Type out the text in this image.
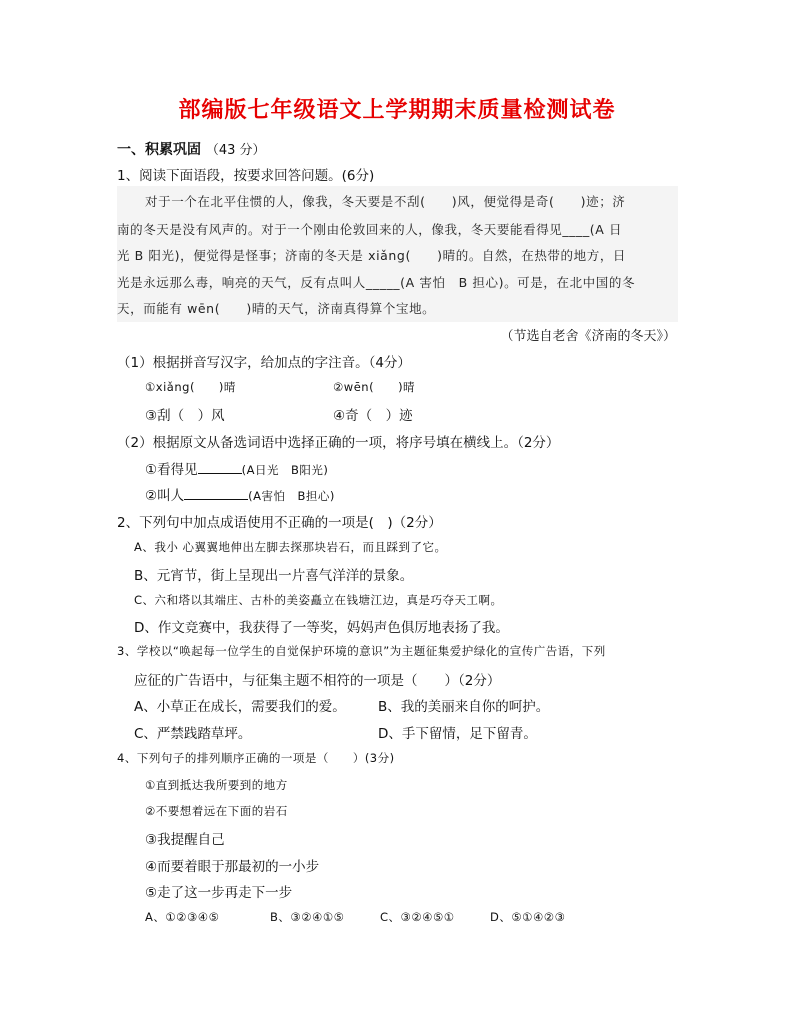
部编版七年级语文上学期期末质量检测试卷
一、积累巩固 （43 分）
1、阅读下面语段，按要求回答问题。(6分)
对于一个在北平住惯的人，像我，冬天要是不刮(　　)风，便觉得是奇(　　)迹；济
南的冬天是没有风声的。对于一个刚由伦敦回来的人，像我，冬天要能看得见____(A 日
光 B 阳光)，便觉得是怪事；济南的冬天是 xiǎng(　　)晴的。自然，在热带的地方，日
光是永远那么毒，响亮的天气，反有点叫人_____(A 害怕　B 担心)。可是，在北中国的冬
天，而能有 wēn(　　)晴的天气，济南真得算个宝地。
（节选自老舍《济南的冬天》）
（1）根据拼音写汉字，给加点的字注音。（4分）
①xiǎng(　　)晴	②wēn(　　)晴
③刮（　）风	④奇（　）迹
（2）根据原文从备选词语中选择正确的一项，将序号填在横线上。（2分）
①看得见	(A日光　B阳光)
②叫人	(A害怕　B担心)
2、下列句中加点成语使用不正确的一项是(　)（2分）
A、我小 心翼翼地伸出左脚去探那块岩石，而且踩到了它。
B、元宵节，街上呈现出一片喜气洋洋的景象。
C、六和塔以其端庄、古朴的美姿矗立在钱塘江边，真是巧夺天工啊。
D、作文竞赛中，我获得了一等奖，妈妈声色俱厉地表扬了我。
3、学校以“唤起每一位学生的自觉保护环境的意识”为主题征集爱护绿化的宣传广告语，下列
应征的广告语中，与征集主题不相符的一项是（　　）（2分）
A、小草正在成长，需要我们的爱。 B、我的美丽来自你的呵护。
C、严禁践踏草坪。	D、手下留情，足下留青。
4、下列句子的排列顺序正确的一项是（　　）(3分)
①直到抵达我所要到的地方
②不要想着远在下面的岩石
③我提醒自己
④而要着眼于那最初的一小步
⑤走了这一步再走下一步
A、①②③④⑤	B、③②④①⑤	C、③②④⑤①	D、⑤①④②③
